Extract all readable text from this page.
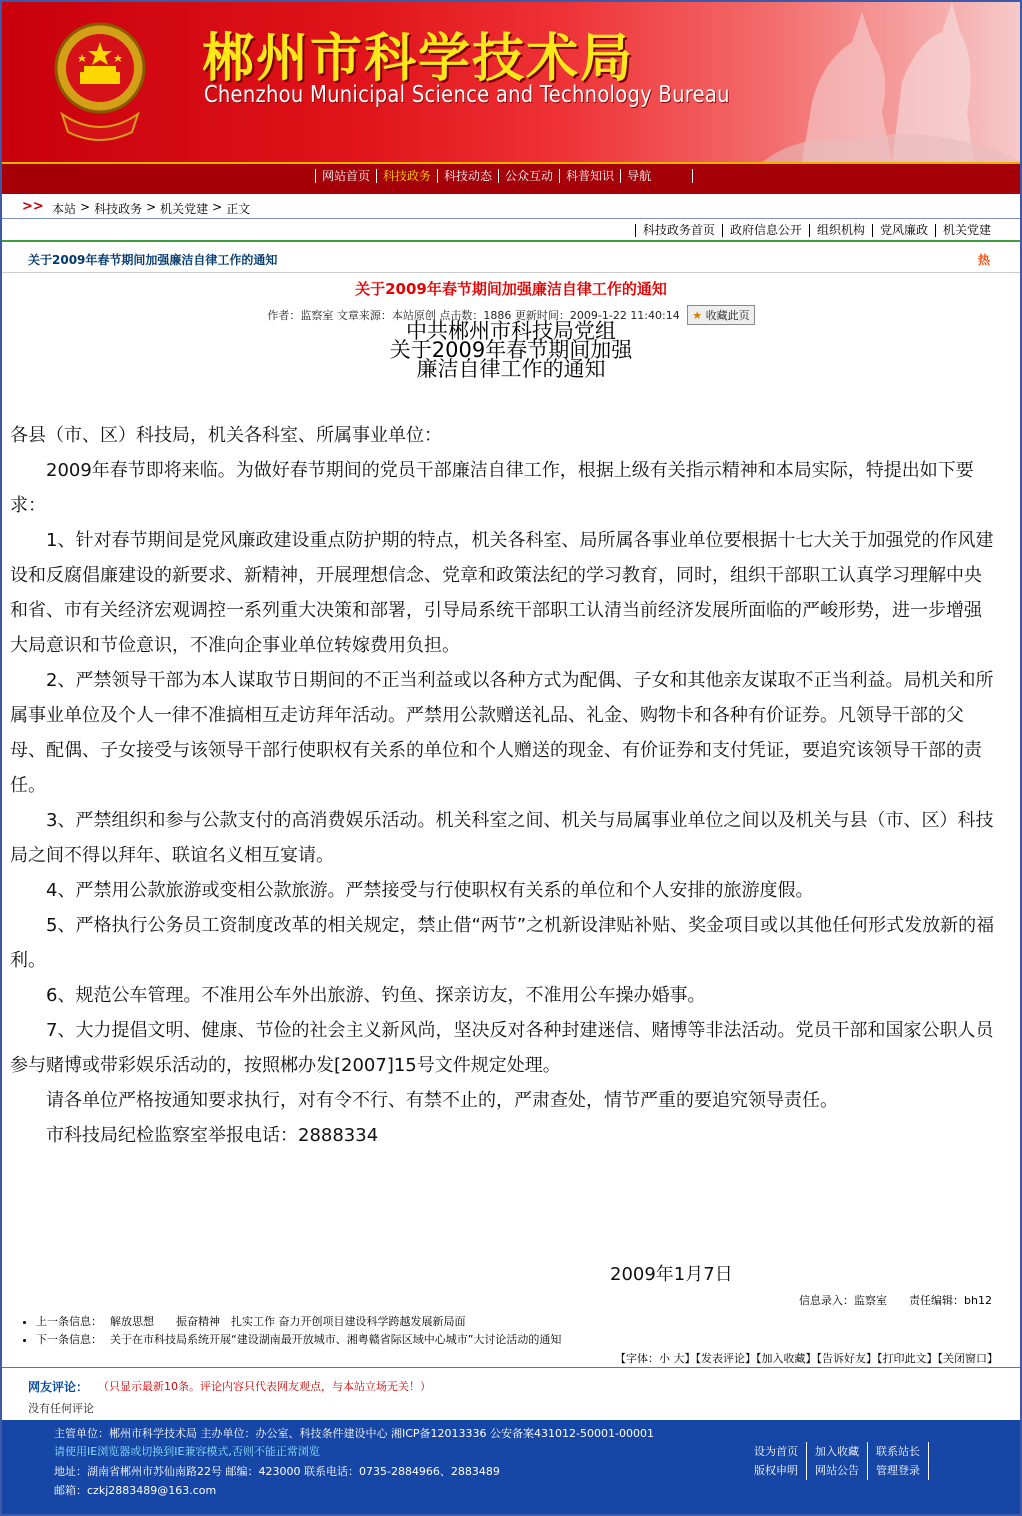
郴州市科学技术局
Chenzhou Municipal Science and Technology Bureau
网站首页	科技政务	科技动态	公众互动	科普知识	导航
>> 本站 > 科技政务 > 机关党建 > 正文
科技政务首页	政府信息公开	组织机构	党风廉政	机关党建
关于2009年春节期间加强廉洁自律工作的通知	热
关于2009年春节期间加强廉洁自律工作的通知
作者：监察室 文章来源：本站原创 点击数：1886 更新时间：2009-1-22 11:40:14 ★ 收藏此页
中共郴州市科技局党组
关于2009年春节期间加强
廉洁自律工作的通知

各县（市、区）科技局，机关各科室、所属事业单位：

2009年春节即将来临。为做好春节期间的党员干部廉洁自律工作，根据上级有关指示精神和本局实际，特提出如下要求：

1、针对春节期间是党风廉政建设重点防护期的特点，机关各科室、局所属各事业单位要根据十七大关于加强党的作风建设和反腐倡廉建设的新要求、新精神，开展理想信念、党章和政策法纪的学习教育，同时，组织干部职工认真学习理解中央和省、市有关经济宏观调控一系列重大决策和部署，引导局系统干部职工认清当前经济发展所面临的严峻形势，进一步增强大局意识和节俭意识，不准向企事业单位转嫁费用负担。

2、严禁领导干部为本人谋取节日期间的不正当利益或以各种方式为配偶、子女和其他亲友谋取不正当利益。局机关和所属事业单位及个人一律不准搞相互走访拜年活动。严禁用公款赠送礼品、礼金、购物卡和各种有价证券。凡领导干部的父母、配偶、子女接受与该领导干部行使职权有关系的单位和个人赠送的现金、有价证券和支付凭证，要追究该领导干部的责任。

3、严禁组织和参与公款支付的高消费娱乐活动。机关科室之间、机关与局属事业单位之间以及机关与县（市、区）科技局之间不得以拜年、联谊名义相互宴请。

4、严禁用公款旅游或变相公款旅游。严禁接受与行使职权有关系的单位和个人安排的旅游度假。

5、严格执行公务员工资制度改革的相关规定，禁止借“两节”之机新设津贴补贴、奖金项目或以其他任何形式发放新的福利。

6、规范公车管理。不准用公车外出旅游、钓鱼、探亲访友，不准用公车操办婚事。

7、大力提倡文明、健康、节俭的社会主义新风尚，坚决反对各种封建迷信、赌博等非法活动。党员干部和国家公职人员参与赌博或带彩娱乐活动的，按照郴办发[2007]15号文件规定处理。

请各单位严格按通知要求执行，对有令不行、有禁不止的，严肃查处，情节严重的要追究领导责任。

市科技局纪检监察室举报电话：2888334

2009年1月7日
信息录入：监察室 责任编辑：bh12
• 上一条信息： 解放思想　　振奋精神　扎实工作 奋力开创项目建设科学跨越发展新局面
• 下一条信息： 关于在市科技局系统开展“建设湖南最开放城市、湘粤赣省际区域中心城市”大讨论活动的通知
【字体：小 大】【发表评论】【加入收藏】【告诉好友】【打印此文】【关闭窗口】
网友评论： （只显示最新10条。评论内容只代表网友观点，与本站立场无关！）
没有任何评论
主管单位：郴州市科学技术局 主办单位：办公室、科技条件建设中心 湘ICP备12013336 公安备案431012-50001-00001
请使用IE浏览器或切换到IE兼容模式,否则不能正常浏览
地址：湖南省郴州市苏仙南路22号 邮编：423000 联系电话：0735-2884966、2883489
邮箱：czkj2883489@163.com
设为首页	加入收藏	联系站长
版权申明	网站公告	管理登录
